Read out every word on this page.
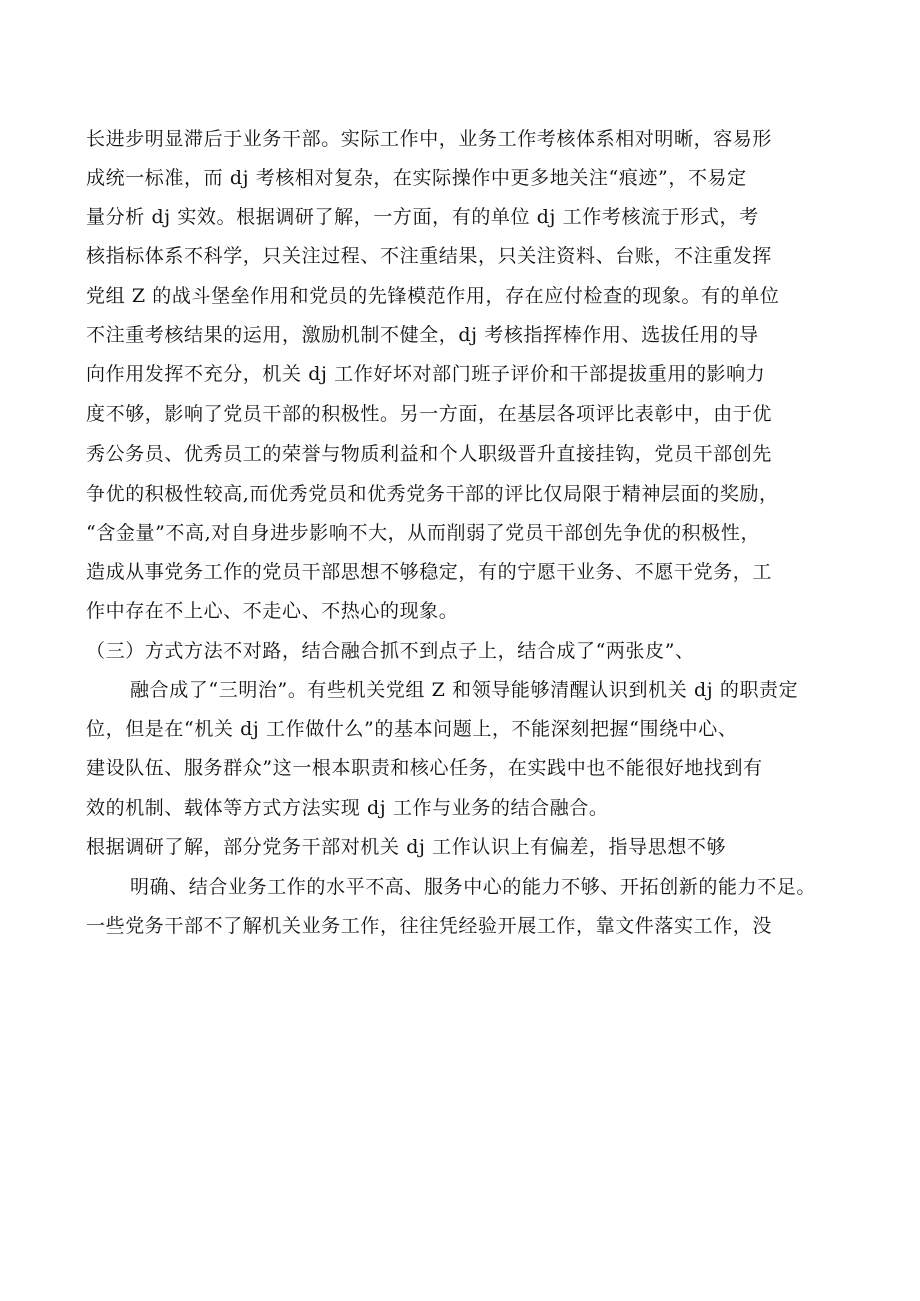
长进步明显滞后于业务干部。实际工作中，业务工作考核体系相对明晰，容易形
成统一标准，而 dj 考核相对复杂，在实际操作中更多地关注“痕迹”，不易定
量分析 dj 实效。根据调研了解，一方面，有的单位 dj 工作考核流于形式，考
核指标体系不科学，只关注过程、不注重结果，只关注资料、台账，不注重发挥
党组 Z 的战斗堡垒作用和党员的先锋模范作用，存在应付检查的现象。有的单位
不注重考核结果的运用，激励机制不健全，dj 考核指挥棒作用、选拔任用的导
向作用发挥不充分，机关 dj 工作好坏对部门班子评价和干部提拔重用的影响力
度不够，影响了党员干部的积极性。另一方面，在基层各项评比表彰中，由于优
秀公务员、优秀员工的荣誉与物质利益和个人职级晋升直接挂钩，党员干部创先
争优的积极性较高,而优秀党员和优秀党务干部的评比仅局限于精神层面的奖励，
“含金量”不高,对自身进步影响不大，从而削弱了党员干部创先争优的积极性，
造成从事党务工作的党员干部思想不够稳定，有的宁愿干业务、不愿干党务，工
作中存在不上心、不走心、不热心的现象。
（三）方式方法不对路，结合融合抓不到点子上，结合成了“两张皮”、
融合成了“三明治”。有些机关党组 Z 和领导能够清醒认识到机关 dj 的职责定
位，但是在“机关 dj 工作做什么”的基本问题上，不能深刻把握“围绕中心、
建设队伍、服务群众”这一根本职责和核心任务，在实践中也不能很好地找到有
效的机制、载体等方式方法实现 dj 工作与业务的结合融合。
根据调研了解，部分党务干部对机关 dj 工作认识上有偏差，指导思想不够
明确、结合业务工作的水平不高、服务中心的能力不够、开拓创新的能力不足。
一些党务干部不了解机关业务工作，往往凭经验开展工作，靠文件落实工作，没
